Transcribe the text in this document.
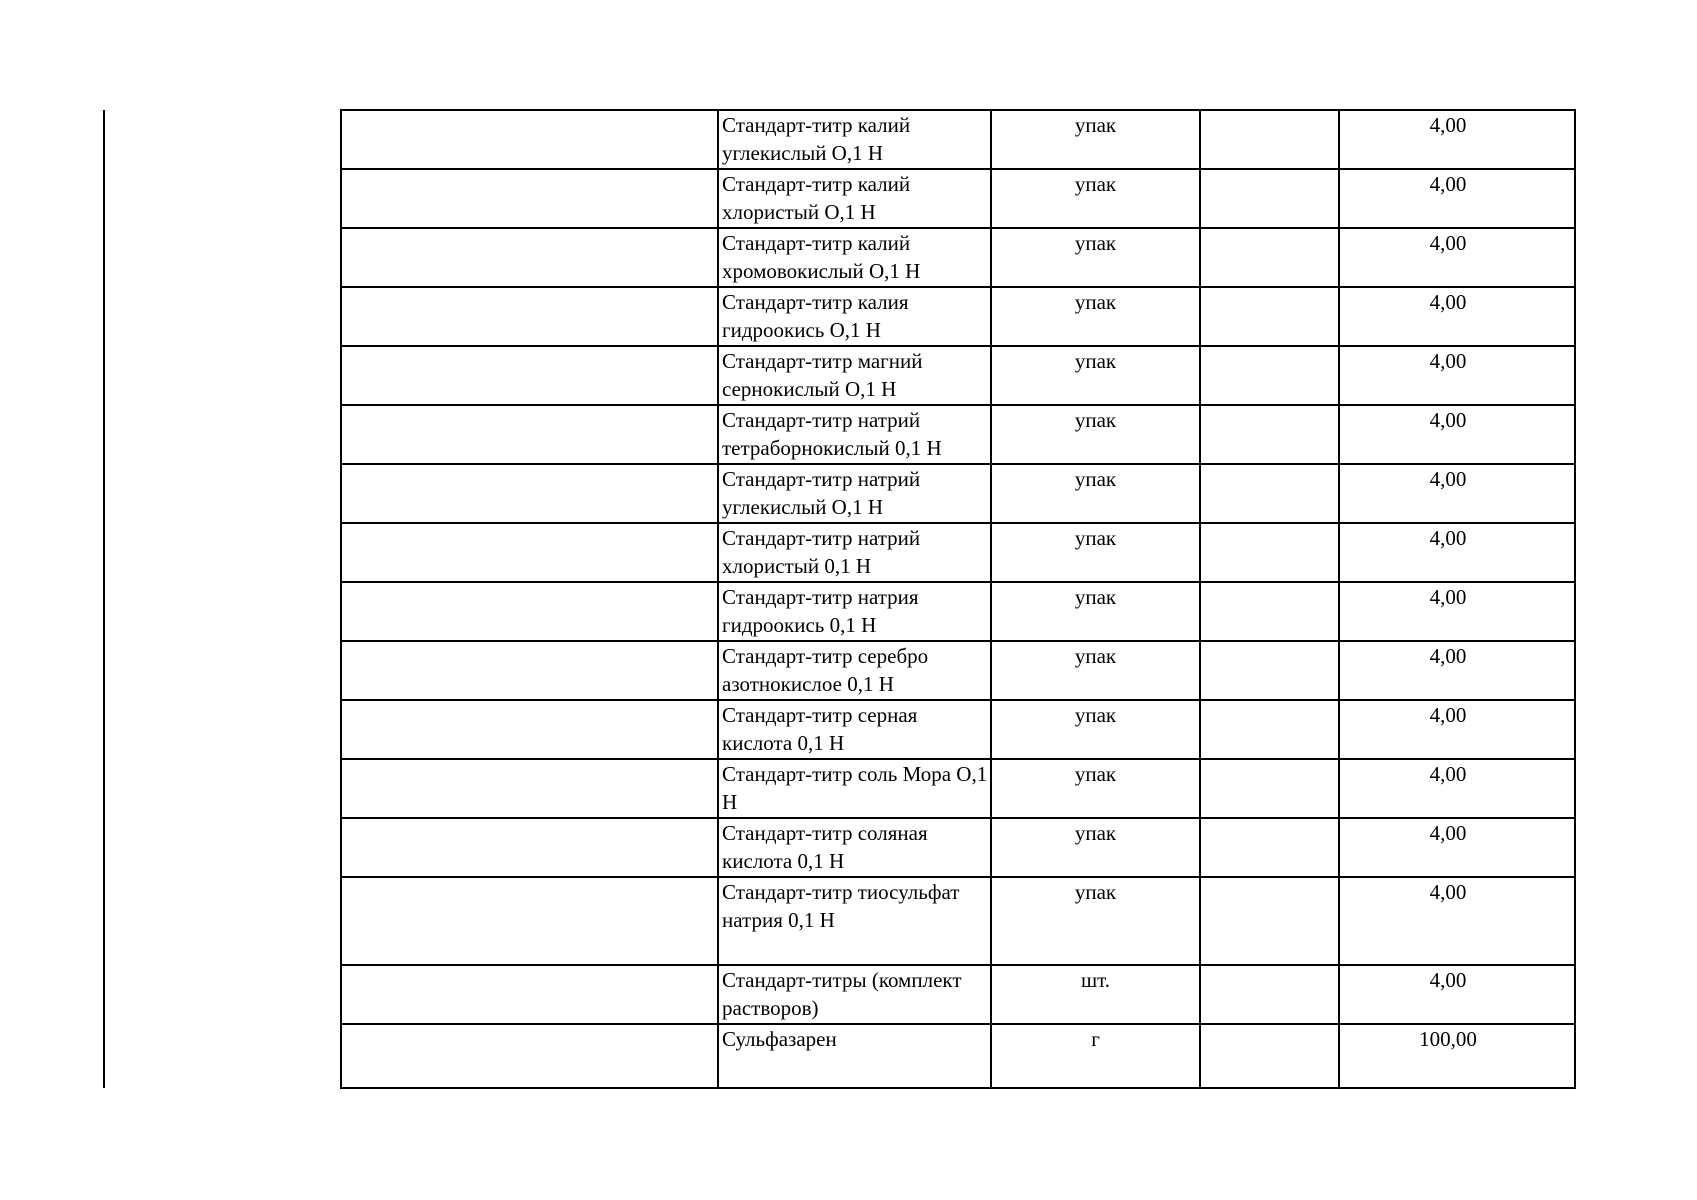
	Стандарт-титр калий углекислый О,1 Н	упак		4,00
	Стандарт-титр калий хлористый О,1 Н	упак		4,00
	Стандарт-титр калий хромовокислый О,1 Н	упак		4,00
	Стандарт-титр калия гидроокись О,1 Н	упак		4,00
	Стандарт-титр магний сернокислый О,1 Н	упак		4,00
	Стандарт-титр натрий тетраборнокислый 0,1 Н	упак		4,00
	Стандарт-титр натрий углекислый О,1 Н	упак		4,00
	Стандарт-титр натрий хлористый 0,1 Н	упак		4,00
	Стандарт-титр натрия гидроокись 0,1 Н	упак		4,00
	Стандарт-титр серебро азотнокислое 0,1 Н	упак		4,00
	Стандарт-титр серная кислота 0,1 Н	упак		4,00
	Стандарт-титр соль Мора О,1 Н	упак		4,00
	Стандарт-титр соляная кислота 0,1 Н	упак		4,00
	Стандарт-титр тиосульфат натрия 0,1 Н	упак		4,00
	Стандарт-титры (комплект растворов)	шт.		4,00
	Сульфазарен	г		100,00
